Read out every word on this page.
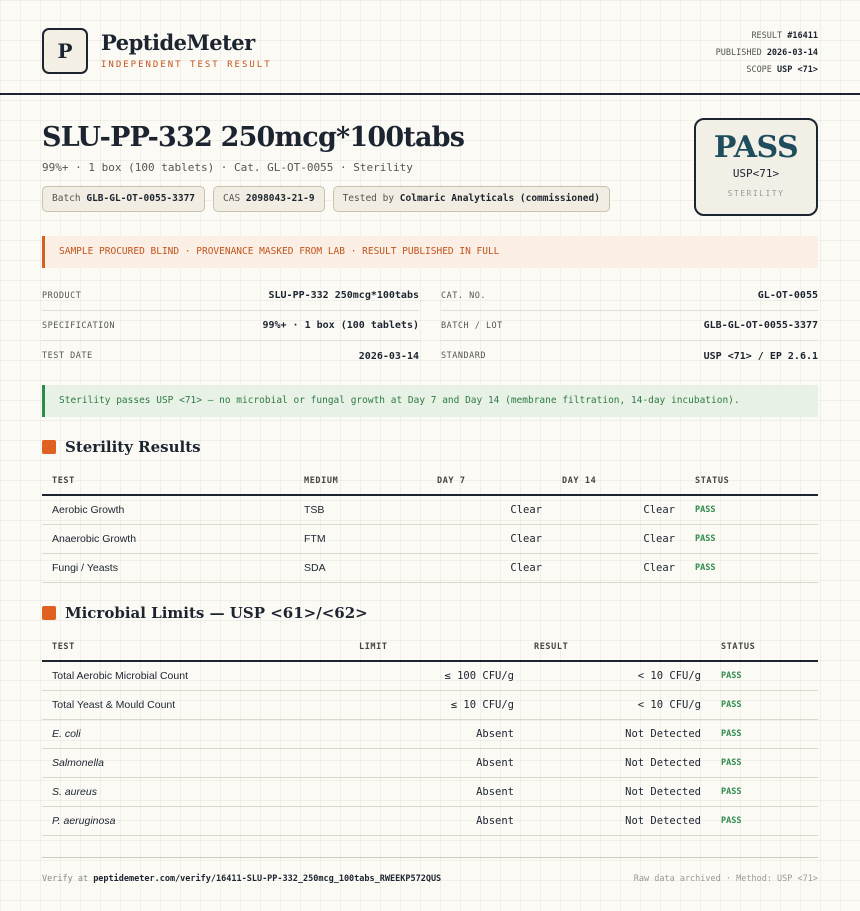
P	PeptideMeter
INDEPENDENT TEST RESULT
RESULT #16411
PUBLISHED 2026-03-14
SCOPE USP <71>
SLU-PP-332 250mcg*100tabs
99%+ · 1 box (100 tablets) · Cat. GL-OT-0055 · Sterility
Batch GLB-GL-OT-0055-3377	CAS 2098043-21-9	Tested by Colmaric Analyticals (commissioned)
PASS
USP<71>
STERILITY
SAMPLE PROCURED BLIND · PROVENANCE MASKED FROM LAB · RESULT PUBLISHED IN FULL
PRODUCT	SLU-PP-332 250mcg*100tabs
SPECIFICATION	99%+ · 1 box (100 tablets)
TEST DATE	2026-03-14
CAT. NO.	GL-OT-0055
BATCH / LOT	GLB-GL-OT-0055-3377
STANDARD	USP <71> / EP 2.6.1
Sterility passes USP <71> — no microbial or fungal growth at Day 7 and Day 14 (membrane filtration, 14-day incubation).
Sterility Results
TEST	MEDIUM	DAY 7	DAY 14	STATUS
Aerobic Growth	TSB	Clear	Clear	PASS
Anaerobic Growth	FTM	Clear	Clear	PASS
Fungi / Yeasts	SDA	Clear	Clear	PASS
Microbial Limits — USP <61>/<62>
TEST	LIMIT	RESULT	STATUS
Total Aerobic Microbial Count	≤ 100 CFU/g	< 10 CFU/g	PASS
Total Yeast & Mould Count	≤ 10 CFU/g	< 10 CFU/g	PASS
E. coli	Absent	Not Detected	PASS
Salmonella	Absent	Not Detected	PASS
S. aureus	Absent	Not Detected	PASS
P. aeruginosa	Absent	Not Detected	PASS
Verify at peptidemeter.com/verify/16411-SLU-PP-332_250mcg_100tabs_RWEEKP572QUS	Raw data archived · Method: USP <71>
